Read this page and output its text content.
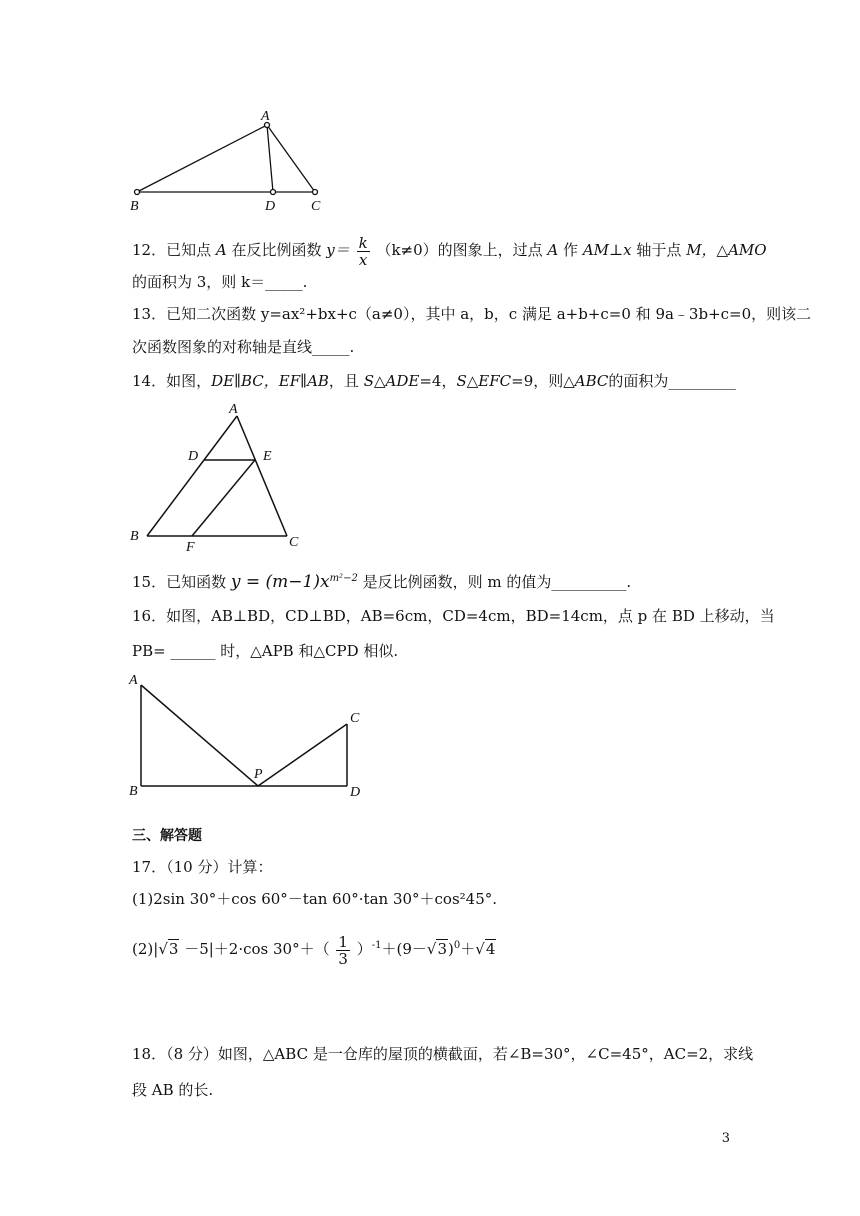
A
B	D	C
12．已知点 A 在反比例函数 $y= \frac{k}{x} (k\ne 0)$的图象上，过点 A 作 AM⊥x 轴于点 M，△AMO
的面积为 3，则 k＝_____.
13．已知二次函数 y=ax²+bx+c（a≠0），其中 a，b，c 满足 a+b+c=0 和 9a﹣3b+c=0，则该二
次函数图象的对称轴是直线_____.
14．如图，DE∥BC，EF∥AB，且 S△ADE=4，S△EFC=9，则△ABC的面积为_________
A
D	E
B
F	C
15．已知函数 $y = (m-1)x^{m^2-2}$ 是反比例函数，则 m 的值为__________.
16．如图，AB⊥BD，CD⊥BD，AB=6cm，CD=4cm，BD=14cm，点 p 在 BD 上移动，当
PB= ______ 时，△APB 和△CPD 相似.
A
B
P
C
D
三、解答题
17．（10 分）计算：
(1)2sin 30°＋cos 60°－tan 60°·tan 30°＋cos²45°.
(2)|√3 －5|＋2·cos $30^\circ+( \frac{1}{3} )^{-1}+(9-√3)^0+√4$
18．（8 分）如图，△ABC 是一仓库的屋顶的横截面，若∠B=30°，∠C=45°，AC=2，求线
段 AB 的长.
3
